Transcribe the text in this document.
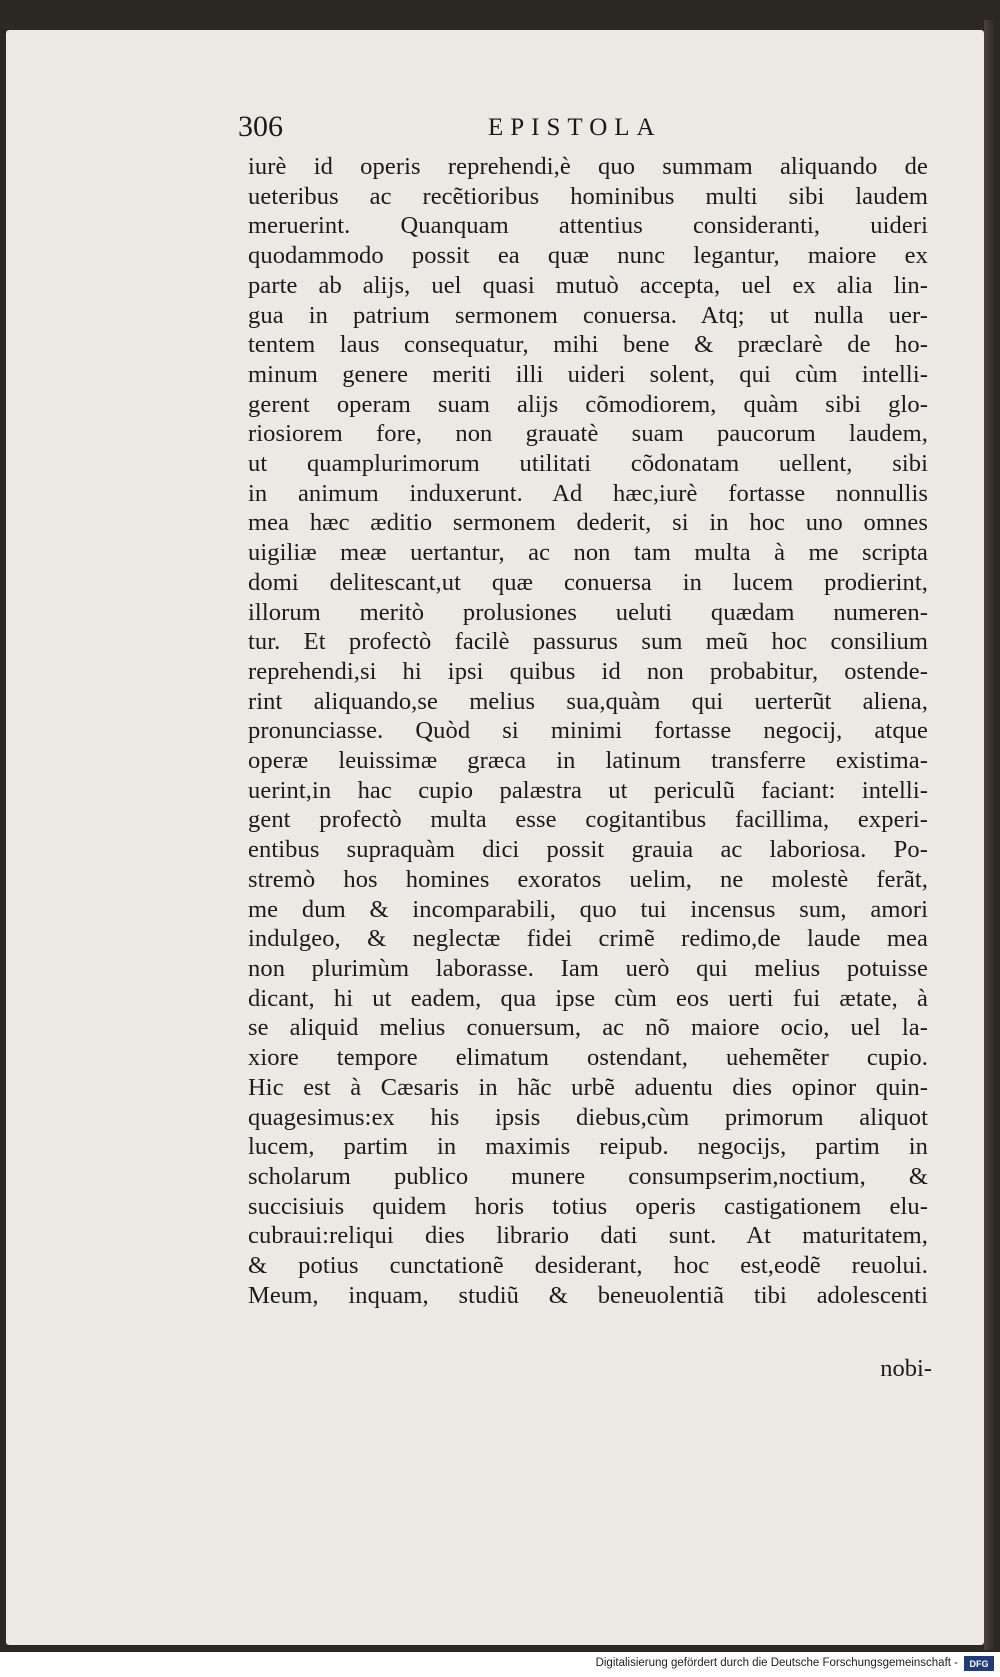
306	EPISTOLA
iurè id operis reprehendi,è quo summam aliquando de
ueteribus ac recẽtioribus hominibus multi sibi laudem
meruerint. Quanquam attentius consideranti, uideri
quodammodo possit ea quæ nunc legantur, maiore ex
parte ab alijs, uel quasi mutuò accepta, uel ex alia lin-
gua in patrium sermonem conuersa. Atq; ut nulla uer-
tentem laus consequatur, mihi bene & præclarè de ho-
minum genere meriti illi uideri solent, qui cùm intelli-
gerent operam suam alijs cõmodiorem, quàm sibi glo-
riosiorem fore, non grauatè suam paucorum laudem,
ut quamplurimorum utilitati cõdonatam uellent, sibi
in animum induxerunt. Ad hæc,iurè fortasse nonnullis
mea hæc æditio sermonem dederit, si in hoc uno omnes
uigiliæ meæ uertantur, ac non tam multa à me scripta
domi delitescant,ut quæ conuersa in lucem prodierint,
illorum meritò prolusiones ueluti quædam numeren-
tur. Et profectò facilè passurus sum meũ hoc consilium
reprehendi,si hi ipsi quibus id non probabitur, ostende-
rint aliquando,se melius sua,quàm qui uerterũt aliena,
pronunciasse. Quòd si minimi fortasse negocij, atque
operæ leuissimæ græca in latinum transferre existima-
uerint,in hac cupio palæstra ut periculũ faciant: intelli-
gent profectò multa esse cogitantibus facillima, experi-
entibus supraquàm dici possit grauia ac laboriosa. Po-
stremò hos homines exoratos uelim, ne molestè ferãt,
me dum & incomparabili, quo tui incensus sum, amori
indulgeo, & neglectæ fidei crimẽ redimo,de laude mea
non plurimùm laborasse. Iam uerò qui melius potuisse
dicant, hi ut eadem, qua ipse cùm eos uerti fui ætate, à
se aliquid melius conuersum, ac nõ maiore ocio, uel la-
xiore tempore elimatum ostendant, uehemẽter cupio.
Hic est à Cæsaris in hãc urbẽ aduentu dies opinor quin-
quagesimus:ex his ipsis diebus,cùm primorum aliquot
lucem, partim in maximis reipub. negocijs, partim in
scholarum publico munere consumpserim,noctium, &
succisiuis quidem horis totius operis castigationem elu-
cubraui:reliqui dies librario dati sunt. At maturitatem,
& potius cunctationẽ desiderant, hoc est,eodẽ reuolui.
Meum, inquam, studiũ & beneuolentiã tibi adolescenti
nobi-
Digitalisierung gefördert durch die Deutsche Forschungsgemeinschaft -	DFG
